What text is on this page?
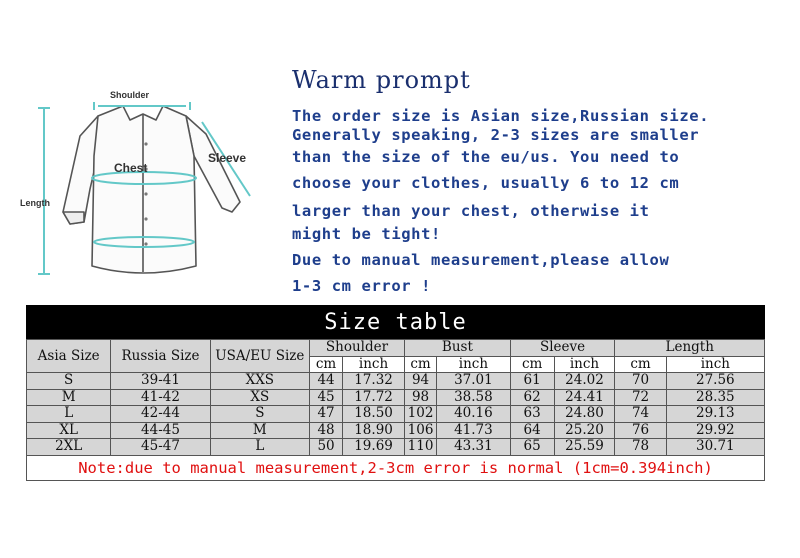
Shoulder
Chest
Sleeve
Length
Warm prompt
The order size is Asian size,Russian size.
Generally speaking, 2-3 sizes are smaller
than the size of the eu/us. You need to
choose your clothes, usually 6 to 12 cm
larger than your chest, otherwise it
might be tight!
Due to manual measurement,please allow
1-3 cm error !
Size table
Asia Size	Russia Size	USA/EU Size	Shoulder		Bust		Sleeve		Length	
			cm	inch	cm	inch	cm	inch	cm	inch
S	39-41	XXS	44	17.32	94	37.01	61	24.02	70	27.56
M	41-42	XS	45	17.72	98	38.58	62	24.41	72	28.35
L	42-44	S	47	18.50	102	40.16	63	24.80	74	29.13
XL	44-45	M	48	18.90	106	41.73	64	25.20	76	29.92
2XL	45-47	L	50	19.69	110	43.31	65	25.59	78	30.71
Note:due to manual measurement,2-3cm error is normal (1cm=0.394inch)
